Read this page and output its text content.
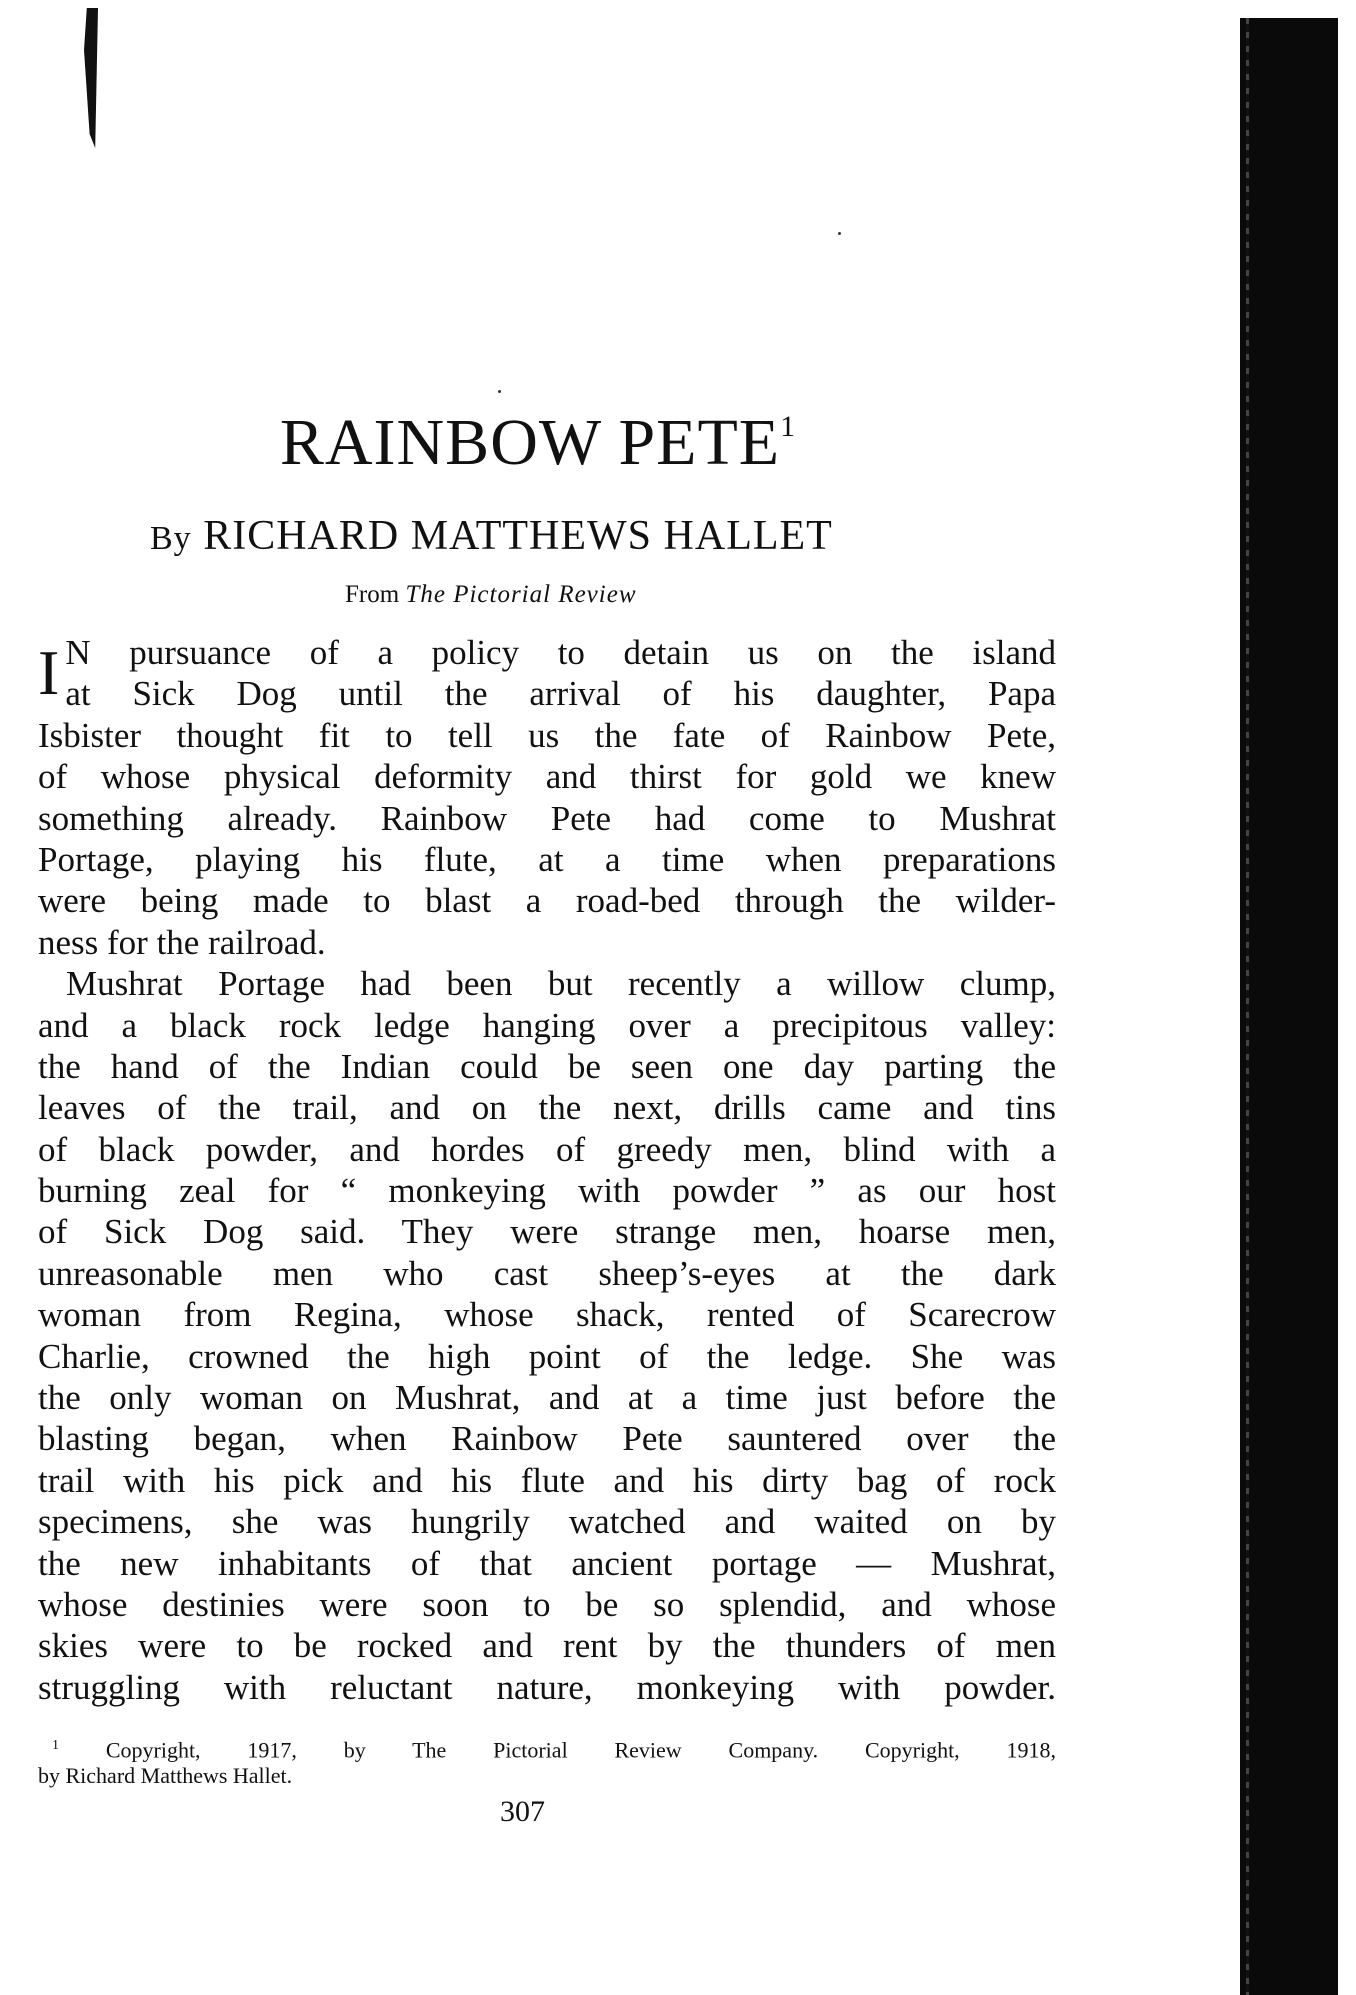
RAINBOW PETE$^1$
By RICHARD MATTHEWS HALLET
From The Pictorial Review
I N pursuance of a policy to detain us on the island
at Sick Dog until the arrival of his daughter, Papa
Isbister thought fit to tell us the fate of Rainbow Pete,
of whose physical deformity and thirst for gold we knew
something already. Rainbow Pete had come to Mushrat
Portage, playing his flute, at a time when preparations
were being made to blast a road-bed through the wilder-
ness for the railroad.
Mushrat Portage had been but recently a willow clump,
and a black rock ledge hanging over a precipitous valley:
the hand of the Indian could be seen one day parting the
leaves of the trail, and on the next, drills came and tins
of black powder, and hordes of greedy men, blind with a
burning zeal for “ monkeying with powder ” as our host
of Sick Dog said. They were strange men, hoarse men,
unreasonable men who cast sheep’s-eyes at the dark
woman from Regina, whose shack, rented of Scarecrow
Charlie, crowned the high point of the ledge. She was
the only woman on Mushrat, and at a time just before the
blasting began, when Rainbow Pete sauntered over the
trail with his pick and his flute and his dirty bag of rock
specimens, she was hungrily watched and waited on by
the new inhabitants of that ancient portage — Mushrat,
whose destinies were soon to be so splendid, and whose
skies were to be rocked and rent by the thunders of men
struggling with reluctant nature, monkeying with powder.
$^1$ Copyright, 1917, by The Pictorial Review Company. Copyright, 1918,
by Richard Matthews Hallet.
307
